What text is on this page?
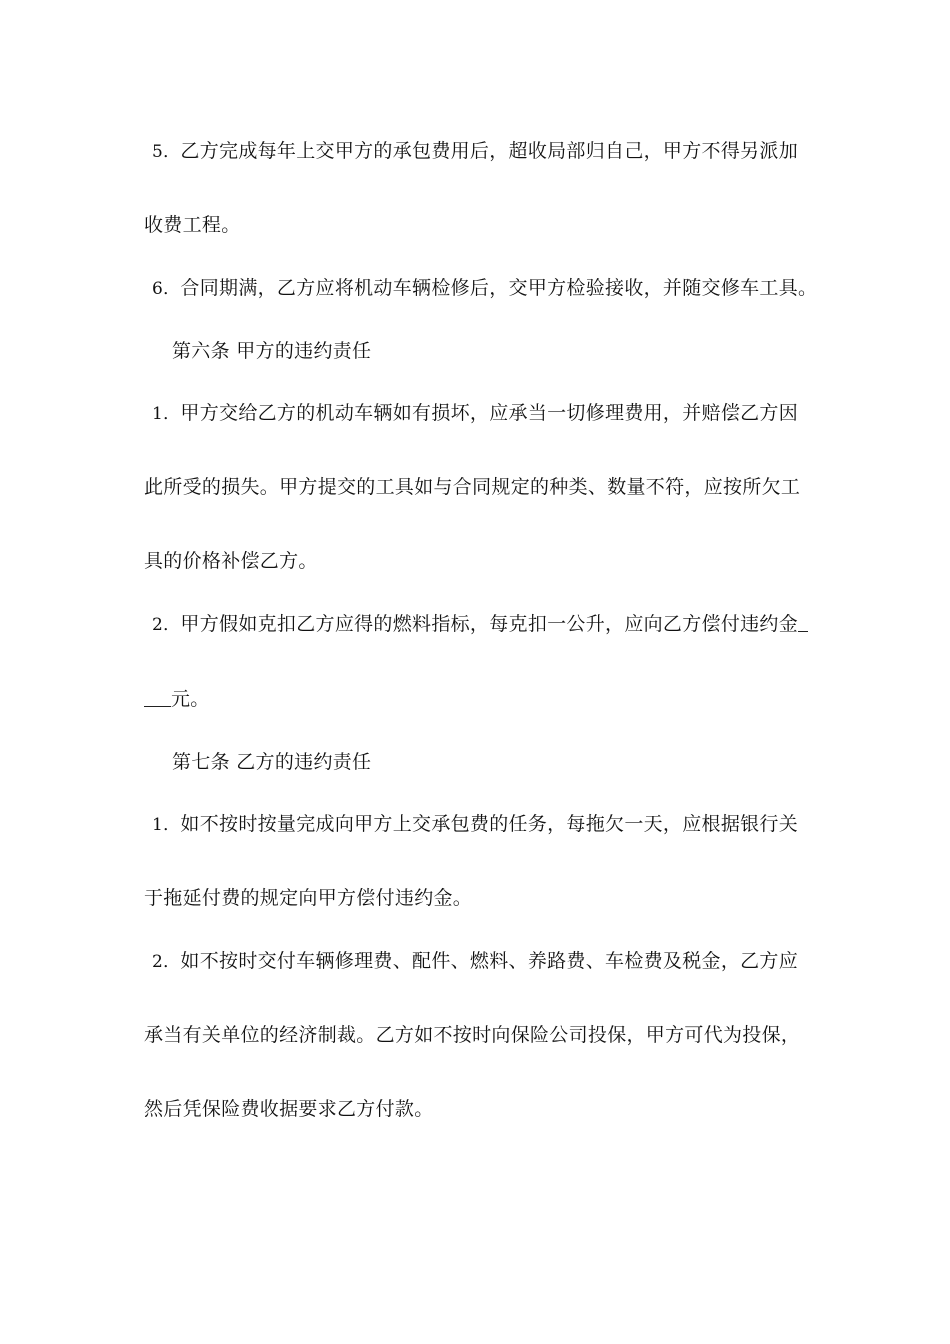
5．乙方完成每年上交甲方的承包费用后，超收局部归自己，甲方不得另派加
收费工程。
6．合同期满，乙方应将机动车辆检修后，交甲方检验接收，并随交修车工具。
第六条 甲方的违约责任
1．甲方交给乙方的机动车辆如有损坏，应承当一切修理费用，并赔偿乙方因
此所受的损失。甲方提交的工具如与合同规定的种类、数量不符，应按所欠工
具的价格补偿乙方。
2．甲方假如克扣乙方应得的燃料指标，每克扣一公升，应向乙方偿付违约金
元。
第七条 乙方的违约责任
1．如不按时按量完成向甲方上交承包费的任务，每拖欠一天，应根据银行关
于拖延付费的规定向甲方偿付违约金。
2．如不按时交付车辆修理费、配件、燃料、养路费、车检费及税金，乙方应
承当有关单位的经济制裁。乙方如不按时向保险公司投保，甲方可代为投保，
然后凭保险费收据要求乙方付款。
